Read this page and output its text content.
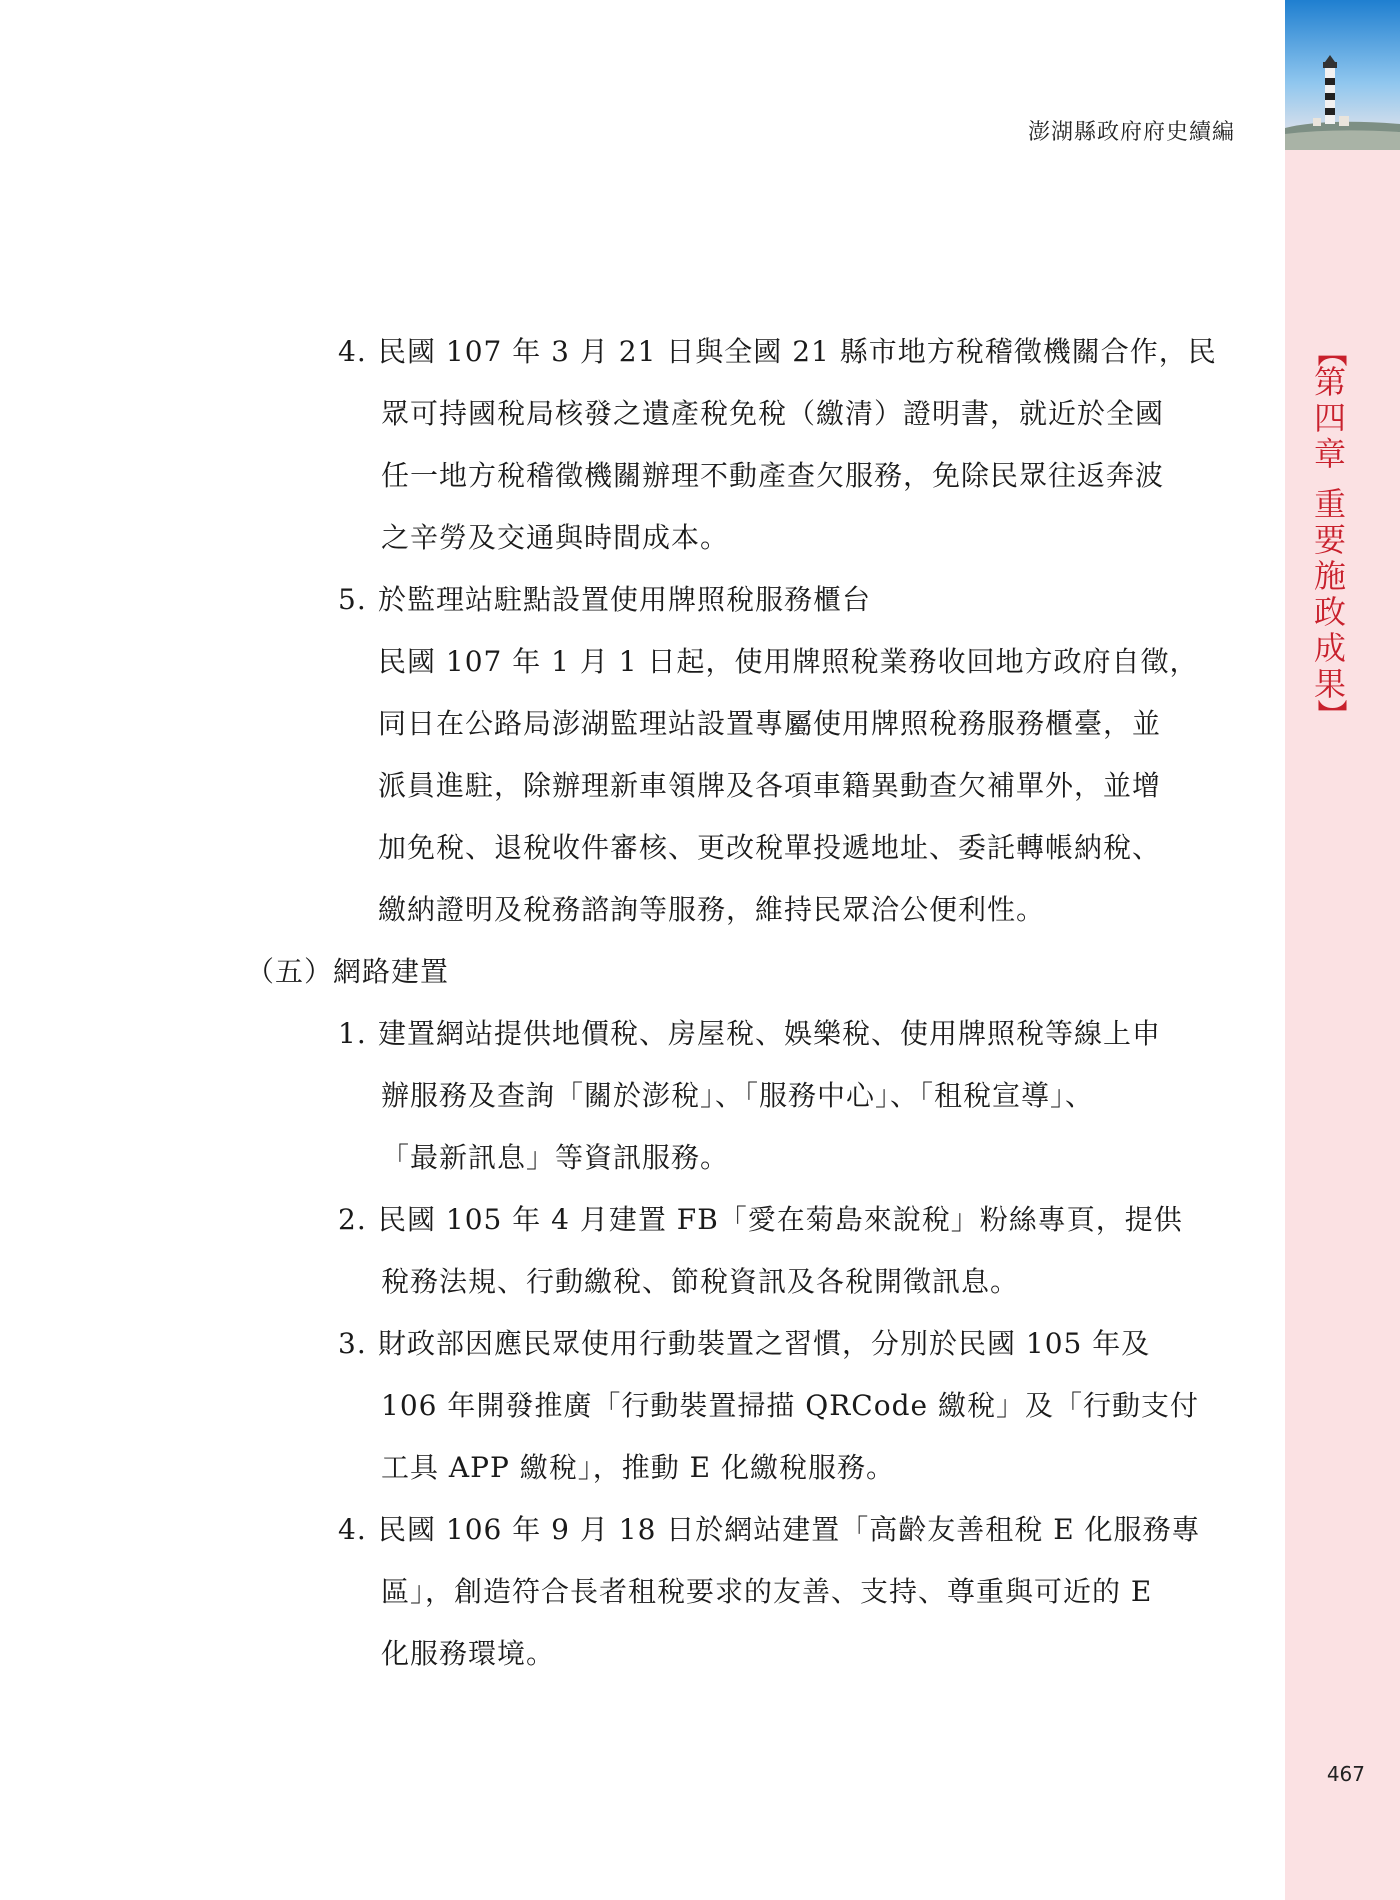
澎湖縣政府府史續編
【
第
四
章
重
要
施
政
成
果
】
4. 民國 107 年 3 月 21 日與全國 21 縣市地方稅稽徵機關合作，民
眾可持國稅局核發之遺產稅免稅（繳清）證明書，就近於全國
任一地方稅稽徵機關辦理不動產查欠服務，免除民眾往返奔波
之辛勞及交通與時間成本。
5. 於監理站駐點設置使用牌照稅服務櫃台
民國 107 年 1 月 1 日起，使用牌照稅業務收回地方政府自徵，
同日在公路局澎湖監理站設置專屬使用牌照稅務服務櫃臺，並
派員進駐，除辦理新車領牌及各項車籍異動查欠補單外，並增
加免稅、退稅收件審核、更改稅單投遞地址、委託轉帳納稅、
繳納證明及稅務諮詢等服務，維持民眾洽公便利性。
（五）網路建置
1. 建置網站提供地價稅、房屋稅、娛樂稅、使用牌照稅等線上申
辦服務及查詢「關於澎稅」、「服務中心」、「租稅宣導」、
「最新訊息」等資訊服務。
2. 民國 105 年 4 月建置 FB「愛在菊島來說稅」粉絲專頁，提供
稅務法規、行動繳稅、節稅資訊及各稅開徵訊息。
3. 財政部因應民眾使用行動裝置之習慣，分別於民國 105 年及
106 年開發推廣「行動裝置掃描 QRCode 繳稅」及「行動支付
工具 APP 繳稅」，推動 E 化繳稅服務。
4. 民國 106 年 9 月 18 日於網站建置「高齡友善租稅 E 化服務專
區」，創造符合長者租稅要求的友善、支持、尊重與可近的 E
化服務環境。
467
